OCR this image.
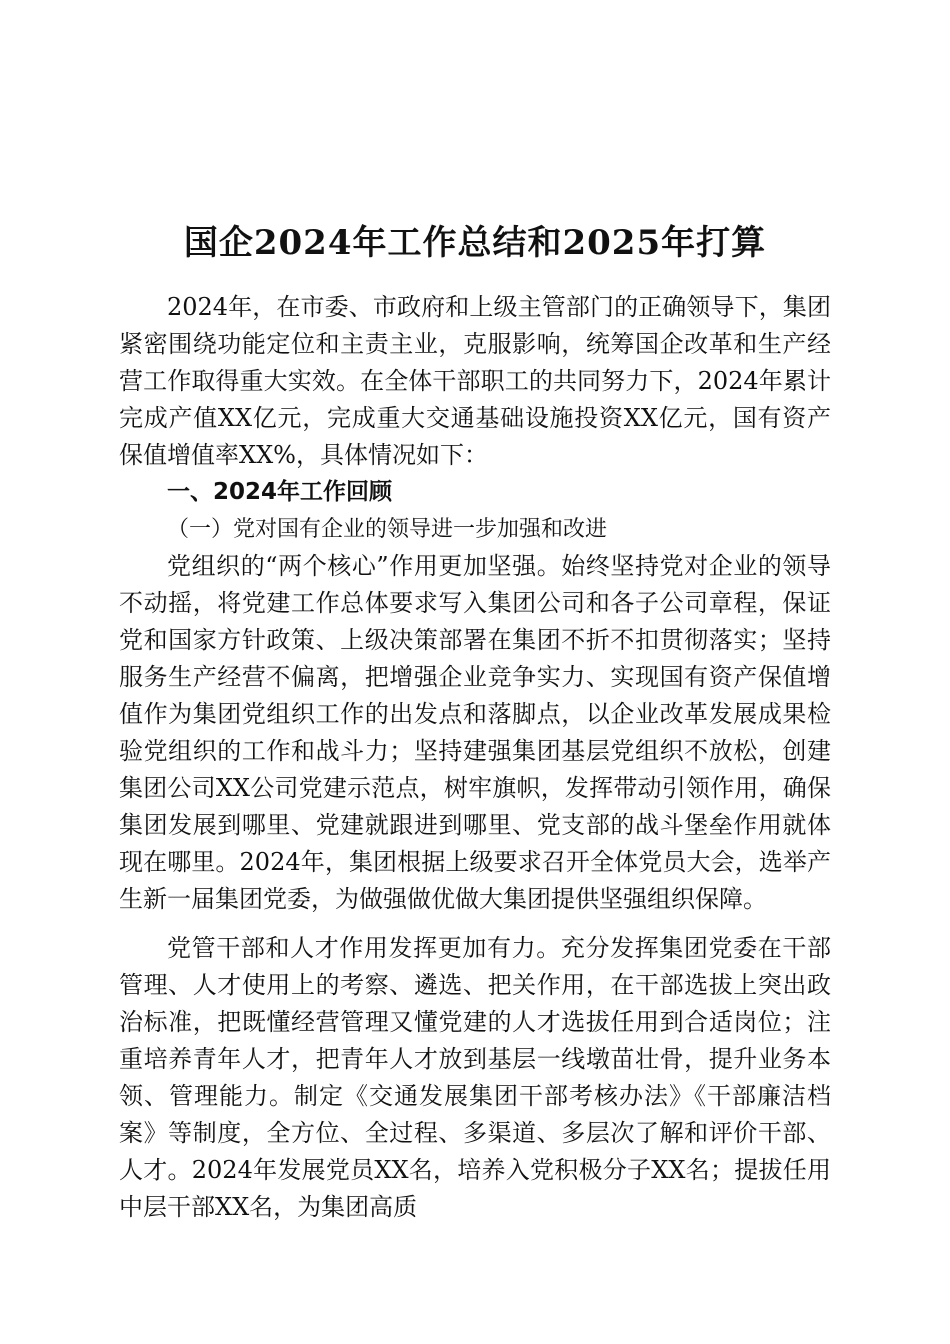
国企2024年工作总结和2025年打算

2024年，在市委、市政府和上级主管部门的正确领导下，集团紧密围绕功能定位和主责主业，克服影响，统筹国企改革和生产经营工作取得重大实效。在全体干部职工的共同努力下，2024年累计完成产值XX亿元，完成重大交通基础设施投资XX亿元，国有资产保值增值率XX%，具体情况如下：

一、2024年工作回顾

（一）党对国有企业的领导进一步加强和改进

党组织的“两个核心”作用更加坚强。始终坚持党对企业的领导不动摇，将党建工作总体要求写入集团公司和各子公司章程，保证党和国家方针政策、上级决策部署在集团不折不扣贯彻落实；坚持服务生产经营不偏离，把增强企业竞争实力、实现国有资产保值增值作为集团党组织工作的出发点和落脚点，以企业改革发展成果检验党组织的工作和战斗力；坚持建强集团基层党组织不放松，创建集团公司XX公司党建示范点，树牢旗帜，发挥带动引领作用，确保集团发展到哪里、党建就跟进到哪里、党支部的战斗堡垒作用就体现在哪里。2024年，集团根据上级要求召开全体党员大会，选举产生新一届集团党委，为做强做优做大集团提供坚强组织保障。

党管干部和人才作用发挥更加有力。充分发挥集团党委在干部管理、人才使用上的考察、遴选、把关作用，在干部选拔上突出政治标准，把既懂经营管理又懂党建的人才选拔任用到合适岗位；注重培养青年人才，把青年人才放到基层一线墩苗壮骨，提升业务本领、管理能力。制定《交通发展集团干部考核办法》《干部廉洁档案》等制度，全方位、全过程、多渠道、多层次了解和评价干部、人才。2024年发展党员XX名，培养入党积极分子XX名；提拔任用中层干部XX名，为集团高质
